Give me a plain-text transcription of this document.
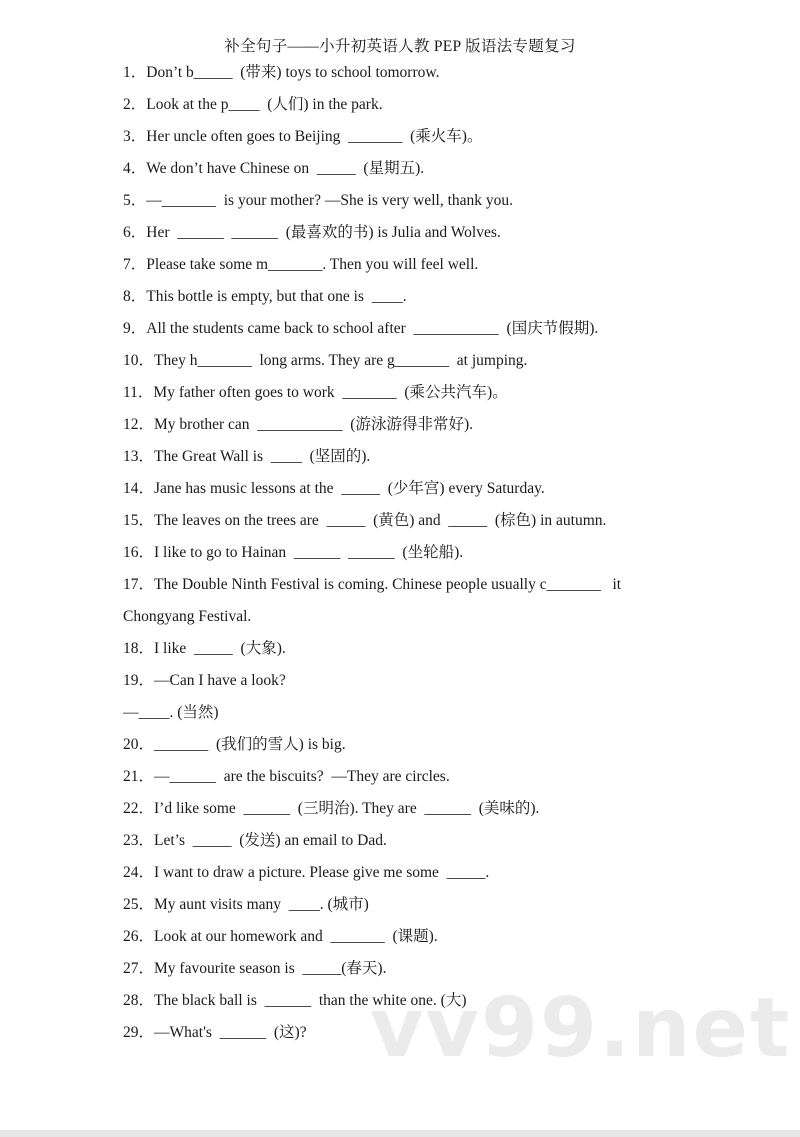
补全句子——小升初英语人教 PEP 版语法专题复习
1．Don’t b_____  (带来) toys to school tomorrow.
2．Look at the p____  (人们) in the park.
3．Her uncle often goes to Beijing  _______  (乘火车)。
4．We don’t have Chinese on  _____  (星期五).
5．—_______  is your mother? —She is very well, thank you.
6．Her  ______  ______  (最喜欢的书) is Julia and Wolves.
7．Please take some m_______. Then you will feel well.
8．This bottle is empty, but that one is  ____.
9．All the students came back to school after  ___________  (国庆节假期).
10．They h_______  long arms. They are g_______  at jumping.
11．My father often goes to work  _______  (乘公共汽车)。
12．My brother can  ___________  (游泳游得非常好).
13．The Great Wall is  ____  (坚固的).
14．Jane has music lessons at the  _____  (少年宫) every Saturday.
15．The leaves on the trees are  _____  (黄色) and  _____  (棕色) in autumn.
16．I like to go to Hainan  ______  ______  (坐轮船).
17．The Double Ninth Festival is coming. Chinese people usually c_______   it
Chongyang Festival.
18．I like  _____  (大象).
19．—Can I have a look?
—____. (当然)
20．_______  (我们的雪人) is big.
21．—______  are the biscuits?  —They are circles.
22．I’d like some  ______  (三明治). They are  ______  (美味的).
23．Let’s  _____  (发送) an email to Dad.
24．I want to draw a picture. Please give me some  _____.
25．My aunt visits many  ____. (城市)
26．Look at our homework and  _______  (课题).
27．My favourite season is  _____(春天).
28．The black ball is  ______  than the white one. (大)
29．—What's  ______  (这)? vv99.net
